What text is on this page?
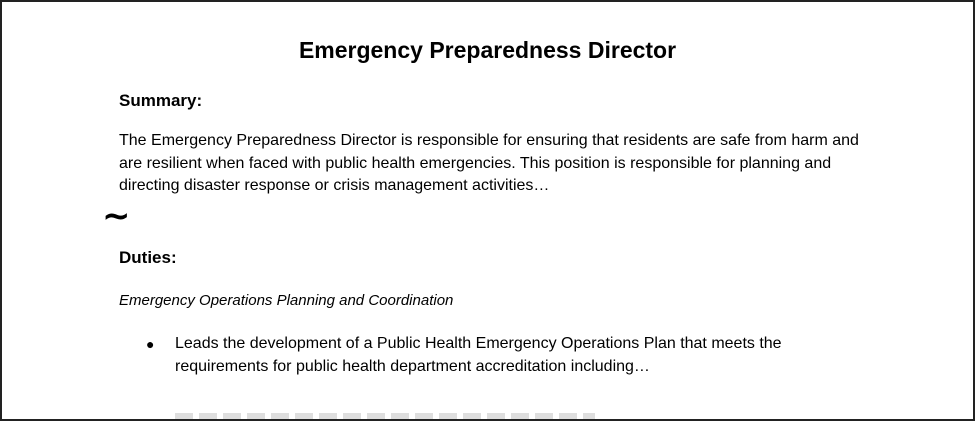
Emergency Preparedness Director
Summary:
The Emergency Preparedness Director is responsible for ensuring that residents are safe from harm and are resilient when faced with public health emergencies. This position is responsible for planning and directing disaster response or crisis management activities…
~
Duties:
Emergency Operations Planning and Coordination
● Leads the development of a Public Health Emergency Operations Plan that meets the requirements for public health department accreditation including…
